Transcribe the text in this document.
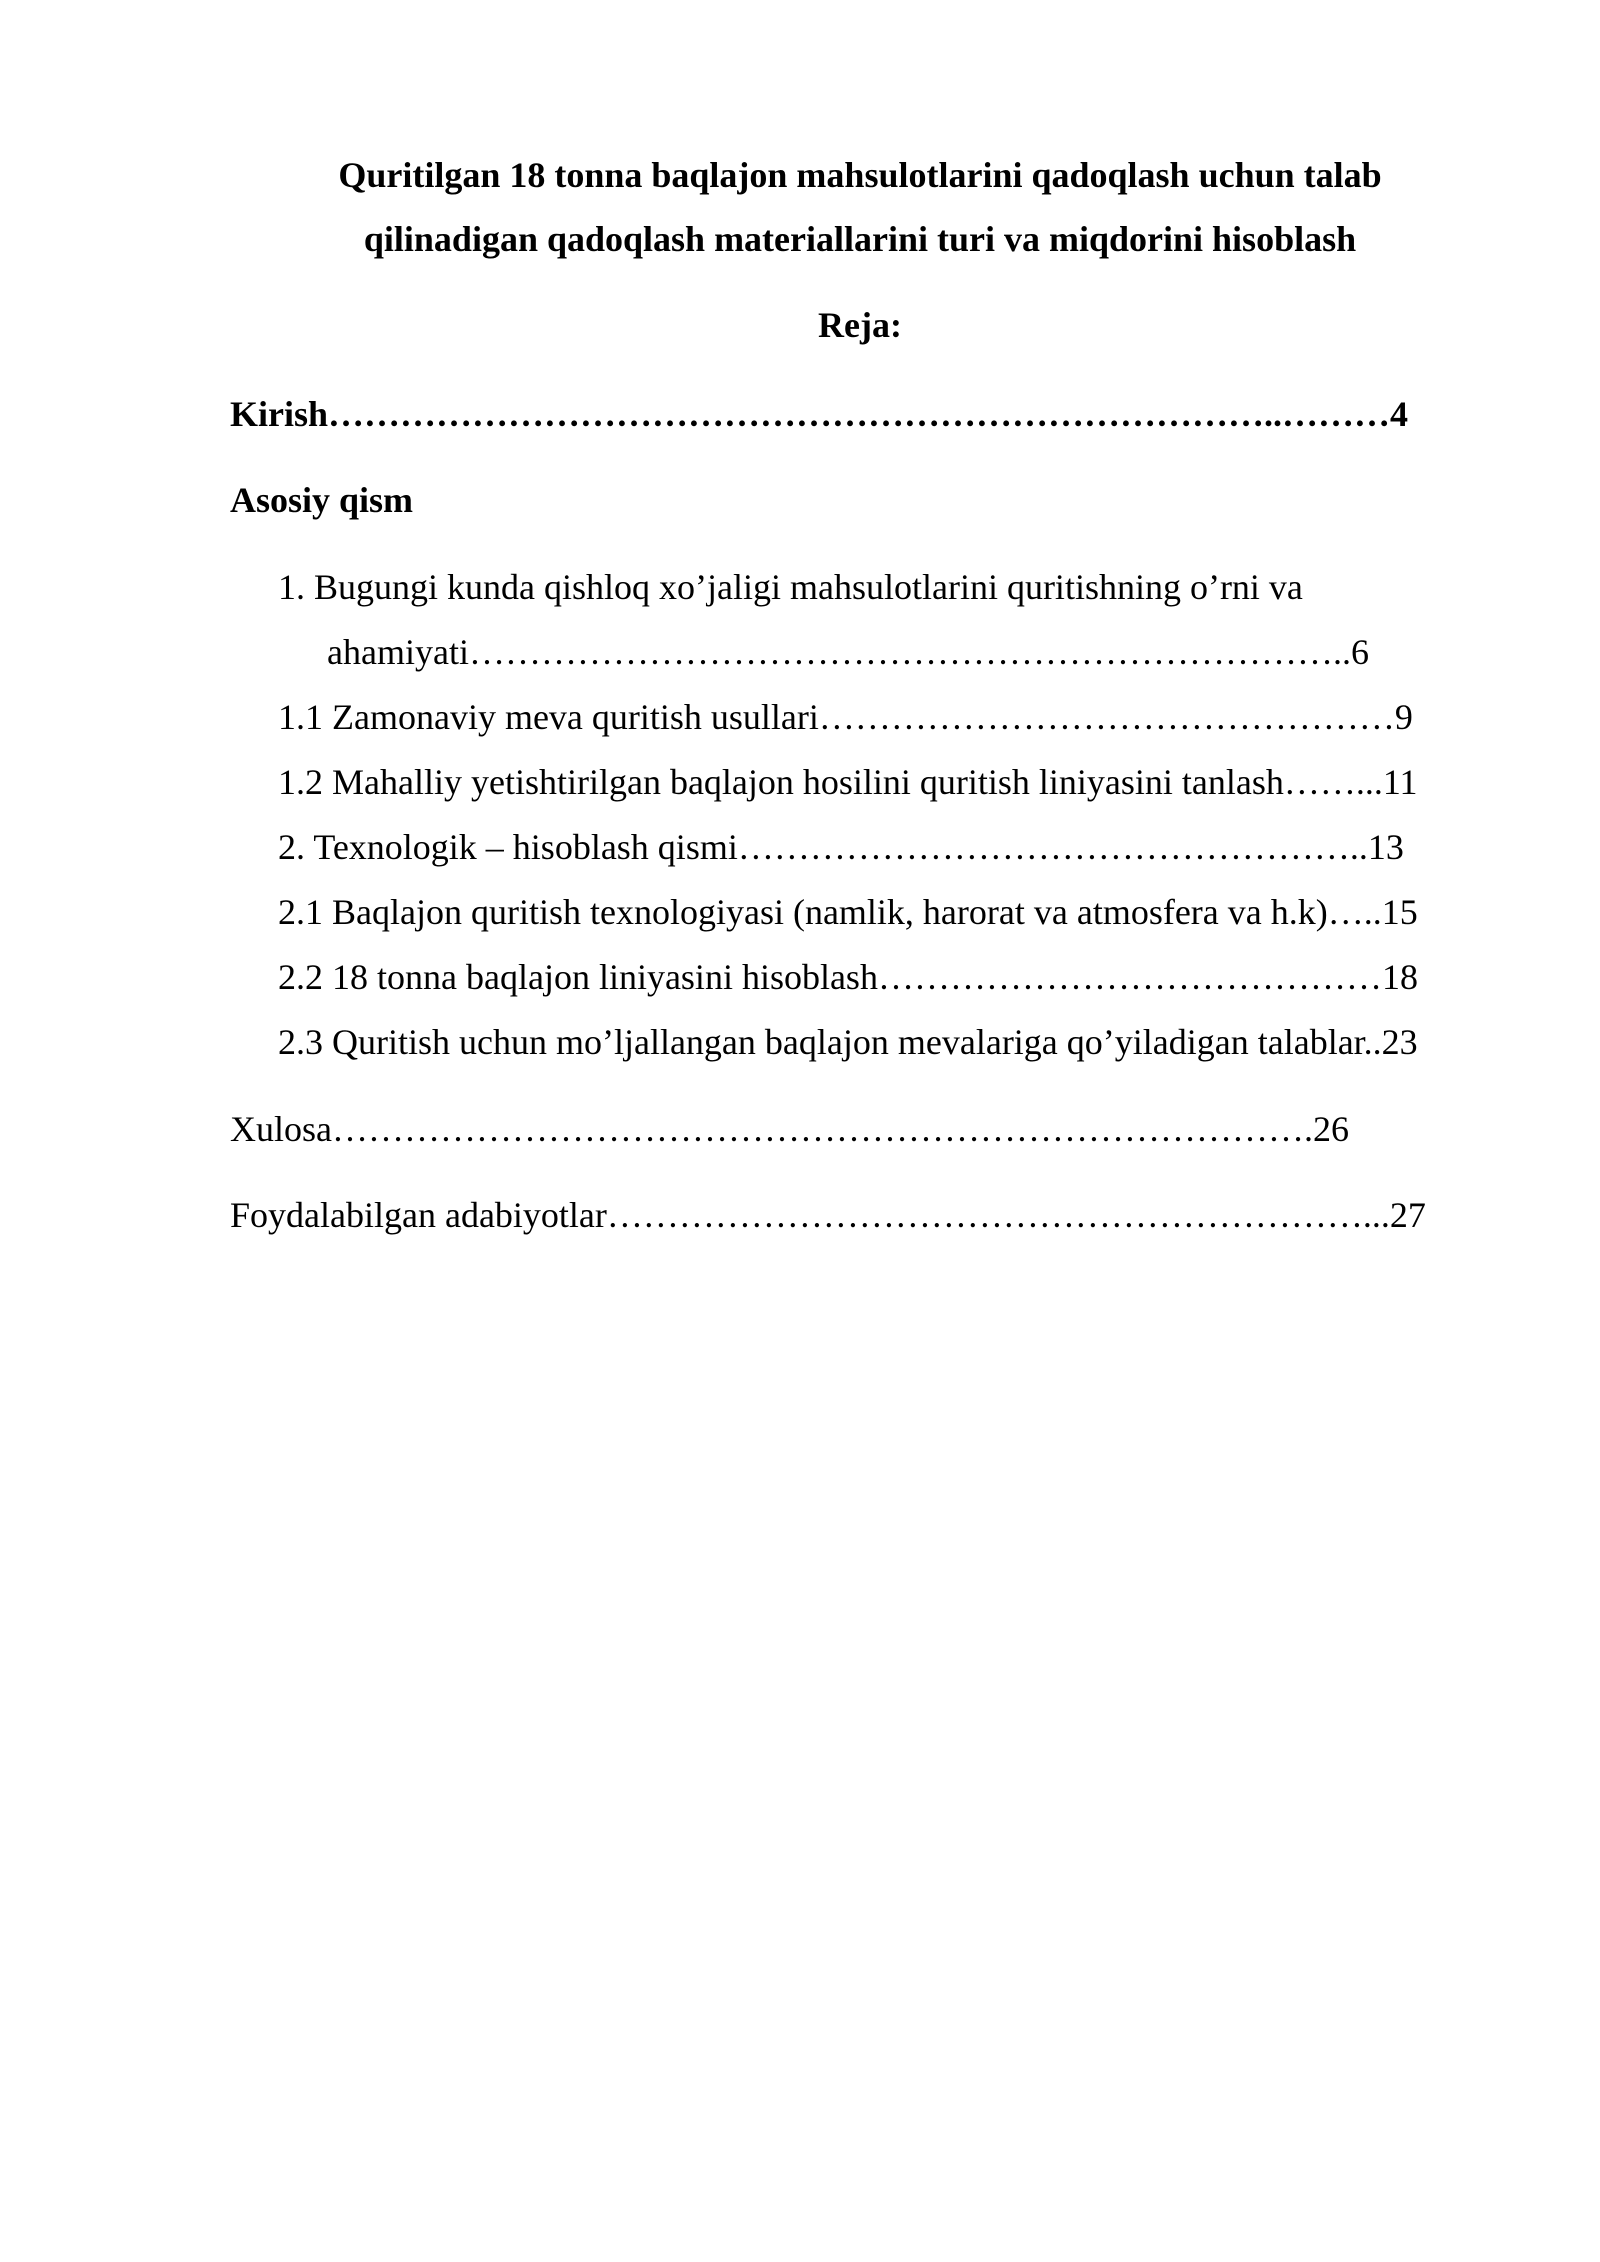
Quritilgan 18 tonna baqlajon mahsulotlarini qadoqlash uchun talab
qilinadigan qadoqlash materiallarini turi va miqdorini hisoblash
Reja:
Kirish……………………………………………………………………..………4
Asosiy qism
1. Bugungi kunda qishloq xo’jaligi mahsulotlarini quritishning o’rni va
ahamiyati………………………………………………………………..6
1.1 Zamonaviy meva quritish usullari…………………………………………9
1.2 Mahalliy yetishtirilgan baqlajon hosilini quritish liniyasini tanlash……...11
2. Texnologik – hisoblash qismi……………………………………………..13
2.1 Baqlajon quritish texnologiyasi (namlik, harorat va atmosfera va h.k)…..15
2.2 18 tonna baqlajon liniyasini hisoblash……………………………………18
2.3 Quritish uchun mo’ljallangan baqlajon mevalariga qo’yiladigan talablar..23
Xulosa……………………………………………………………………….26
Foydalabilgan adabiyotlar………………………………………………………...27
